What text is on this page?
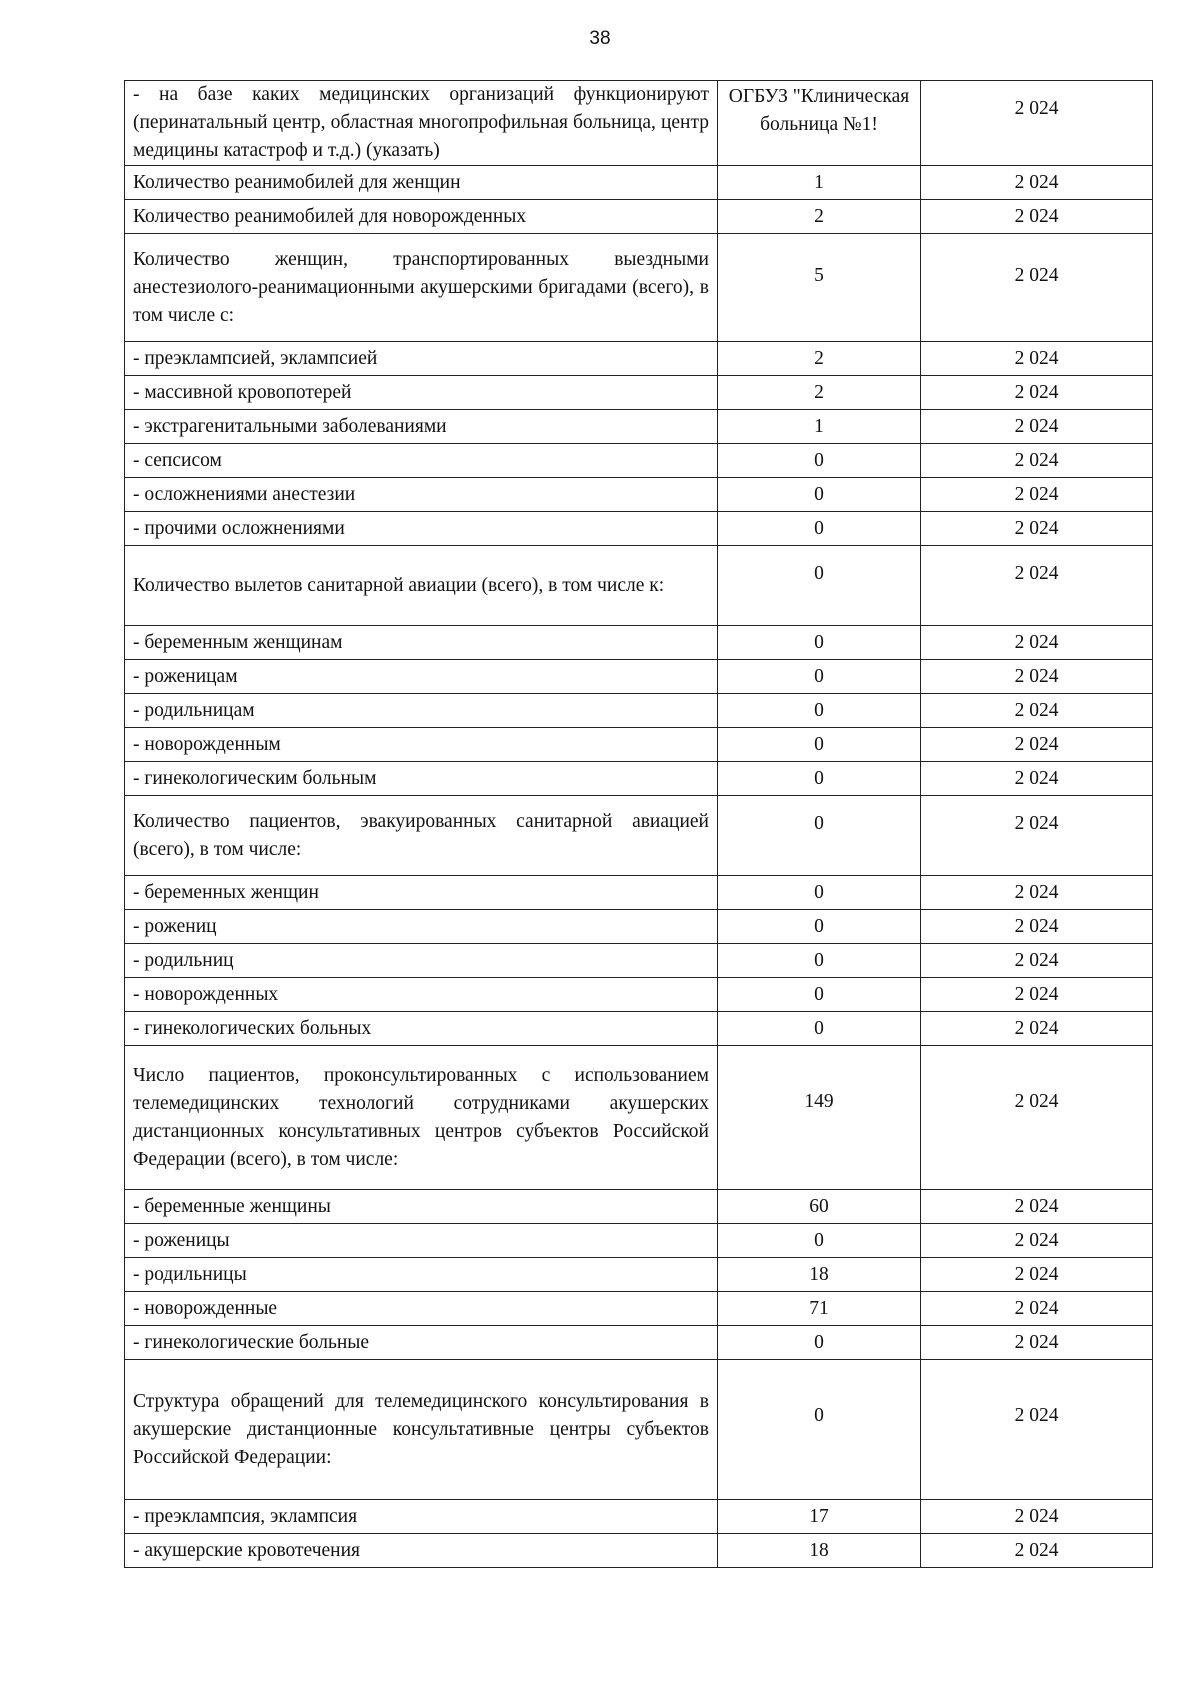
38
- на базе каких медицинских организаций функционируют (перинатальный центр, областная многопрофильная больница, центр медицины катастроф и т.д.) (указать)	ОГБУЗ "Клиническая больница №1!	2 024
Количество реанимобилей для женщин	1	2 024
Количество реанимобилей для новорожденных	2	2 024
Количество женщин, транспортированных выездными анестезиолого-реанимационными акушерскими бригадами (всего), в том числе с:	5	2 024
- преэклампсией, эклампсией	2	2 024
- массивной кровопотерей	2	2 024
- экстрагенитальными заболеваниями	1	2 024
- сепсисом	0	2 024
- осложнениями анестезии	0	2 024
- прочими осложнениями	0	2 024
Количество вылетов санитарной авиации (всего), в том числе к:	0	2 024
- беременным женщинам	0	2 024
- роженицам	0	2 024
- родильницам	0	2 024
- новорожденным	0	2 024
- гинекологическим больным	0	2 024
Количество пациентов, эвакуированных санитарной авиацией (всего), в том числе:	0	2 024
- беременных женщин	0	2 024
- рожениц	0	2 024
- родильниц	0	2 024
- новорожденных	0	2 024
- гинекологических больных	0	2 024
Число пациентов, проконсультированных с использованием телемедицинских технологий сотрудниками акушерских дистанционных консультативных центров субъектов Российской Федерации (всего), в том числе:	149	2 024
- беременные женщины	60	2 024
- роженицы	0	2 024
- родильницы	18	2 024
- новорожденные	71	2 024
- гинекологические больные	0	2 024
Структура обращений для телемедицинского консультирования в акушерские дистанционные консультативные центры субъектов Российской Федерации:	0	2 024
- преэклампсия, эклампсия	17	2 024
- акушерские кровотечения	18	2 024
